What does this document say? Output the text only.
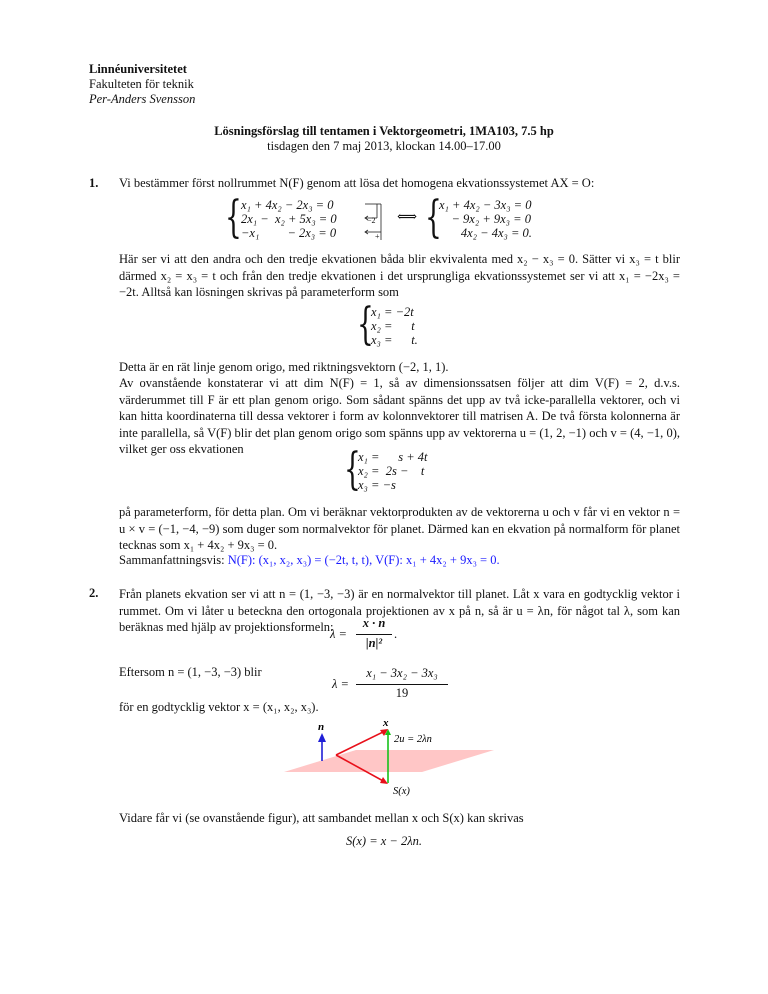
Linnéuniversitetet
Fakulteten för teknik
Per-Anders Svensson
Lösningsförslag till tentamen i Vektorgeometri, 1MA103, 7.5 hp
tisdagen den 7 maj 2013, klockan 14.00–17.00
1. Vi bestämmer först nollrummet N(F) genom att lösa det homogena ekvationssystemet AX = O:
{ x₁ + 4x₂ − 2x₃ = 0
2x₁ −  x₂ + 5x₃ = 0
−x₁         − 2x₃ = 0
−2
+
⟺ {
x₁ + 4x₂ − 3x₃ = 0
− 9x₂ + 9x₃ = 0
4x₂ − 4x₃ = 0.

Här ser vi att den andra och den tredje ekvationen båda blir ekvivalenta med x₂ − x₃ = 0. Sätter vi x₃ = t blir därmed x₂ = x₃ = t och från den tredje ekvationen i det ursprungliga ekvationssystemet ser vi att x₁ = −2x₃ = −2t. Alltså kan lösningen skrivas på parameterform som

{
x₁ = −2t
x₂ =      t
x₃ =      t.

Detta är en rät linje genom origo, med riktningsvektorn (−2, 1, 1).

Av ovanstående konstaterar vi att dim N(F) = 1, så av dimensionssatsen följer att dim V(F) = 2, d.v.s. värderummet till F är ett plan genom origo. Som sådant spänns det upp av två icke-parallella vektorer, och vi kan hitta koordinaterna till dessa vektorer i form av kolonnvektorer till matrisen A. De två första kolonnerna är inte parallella, så V(F) blir det plan genom origo som spänns upp av vektorerna u = (1, 2, −1) och v = (4, −1, 0), vilket ger oss ekvationen	{
x₁ =      s + 4t
x₂ =  2s −    t
x₃ = −s

på parameterform, för detta plan. Om vi beräknar vektorprodukten av de vektorerna u och v får vi en vektor n = u × v = (−1, −4, −9) som duger som normalvektor för planet. Därmed kan en ekvation på normalform för planet tecknas som x₁ + 4x₂ + 9x₃ = 0.

Sammanfattningsvis: N(F): (x₁, x₂, x₃) = (−2t, t, t), V(F): x₁ + 4x₂ + 9x₃ = 0.
2. Från planets ekvation ser vi att n = (1, −3, −3) är en normalvektor till planet. Låt x vara en godtycklig vektor i rummet. Om vi låter u beteckna den ortogonala projektionen av x på n, så är u = λn, för något tal λ, som kan beräknas med hjälp av projektionsformeln:

λ =
x · n
|n|²
.

Eftersom n = (1, −3, −3) blir

λ =
x₁ − 3x₂ − 3x₃
19

för en godtycklig vektor x = (x₁, x₂, x₃).

n	x
2u = 2λn
S(x)

Vidare får vi (se ovanstående figur), att sambandet mellan x och S(x) kan skrivas

S(x) = x − 2λn.
